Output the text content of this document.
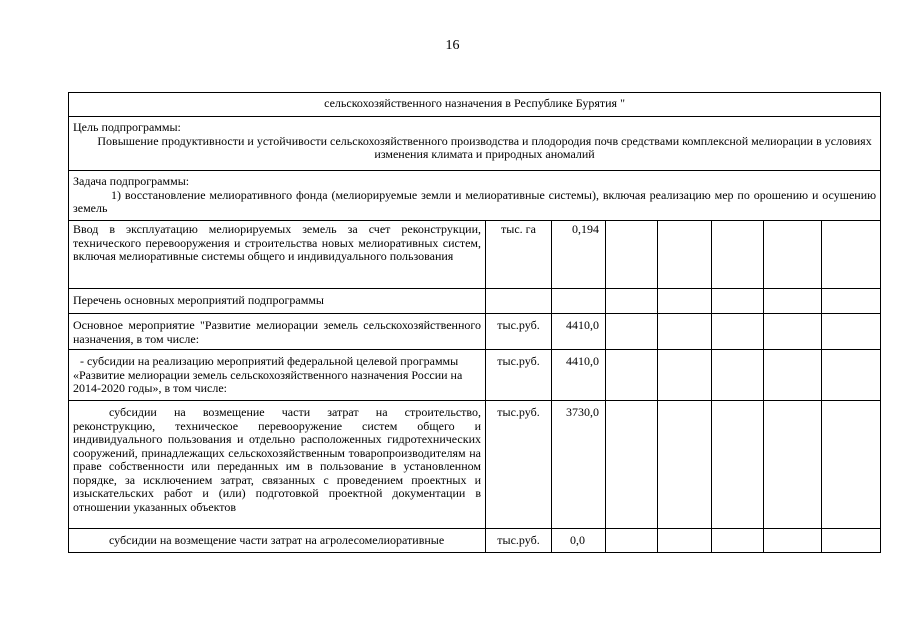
16
сельскохозяйственного назначения в Республике Бурятия "							

Цель подпрограммы:
Повышение продуктивности и устойчивости сельскохозяйственного производства и плодородия почв средствами комплексной мелиорации в условиях изменения климата и природных аномалий							

Задача подпрограммы:
1) восстановление мелиоративного фонда (мелиорируемые земли и мелиоративные системы), включая реализацию мер по орошению и осушению земель							

Ввод в эксплуатацию мелиорируемых земель за счет реконструкции, технического перевооружения и строительства новых мелиоративных систем, включая мелиоративные системы общего и индивидуального пользования	тыс. га	0,194					
Перечень основных мероприятий подпрограммы							
Основное мероприятие "Развитие мелиорации земель сельскохозяйственного назначения, в том числе:	тыс.руб.	4410,0					
- субсидии на реализацию мероприятий федеральной целевой программы «Развитие мелиорации земель сельскохозяйственного назначения России на 2014-2020 годы», в том числе:	тыс.руб.	4410,0					
субсидии на возмещение части затрат на строительство, реконструкцию, техническое перевооружение систем общего и индивидуального пользования и отдельно расположенных гидротехнических сооружений, принадлежащих сельскохозяйственным товаропроизводителям на праве собственности или переданных им в пользование в установленном порядке, за исключением затрат, связанных с проведением проектных и изыскательских работ и (или) подготовкой проектной документации в отношении указанных объектов	тыс.руб.	3730,0					
субсидии на возмещение части затрат на агролесомелиоративные	тыс.руб.	0,0					
